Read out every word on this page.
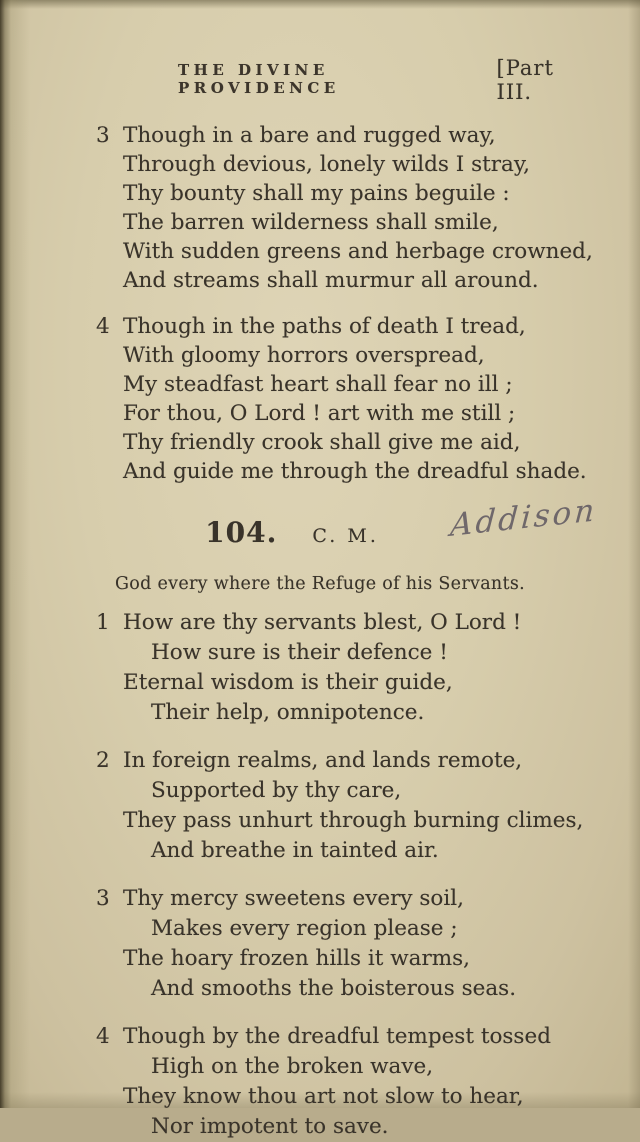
THE DIVINE PROVIDENCE
[Part III.
3 Though in a bare and rugged way,
Through devious, lonely wilds I stray,
Thy bounty shall my pains beguile :
The barren wilderness shall smile,
With sudden greens and herbage crowned,
And streams shall murmur all around.
4 Though in the paths of death I tread,
With gloomy horrors overspread,
My steadfast heart shall fear no ill ;
For thou, O Lord ! art with me still ;
Thy friendly crook shall give me aid,
And guide me through the dreadful shade.
104. C. M. Addison
God every where the Refuge of his Servants.
1 How are thy servants blest, O Lord !
How sure is their defence !
Eternal wisdom is their guide,
Their help, omnipotence.
2 In foreign realms, and lands remote,
Supported by thy care,
They pass unhurt through burning climes,
And breathe in tainted air.
3 Thy mercy sweetens every soil,
Makes every region please ;
The hoary frozen hills it warms,
And smooths the boisterous seas.
4 Though by the dreadful tempest tossed
High on the broken wave,
They know thou art not slow to hear,
Nor impotent to save.
